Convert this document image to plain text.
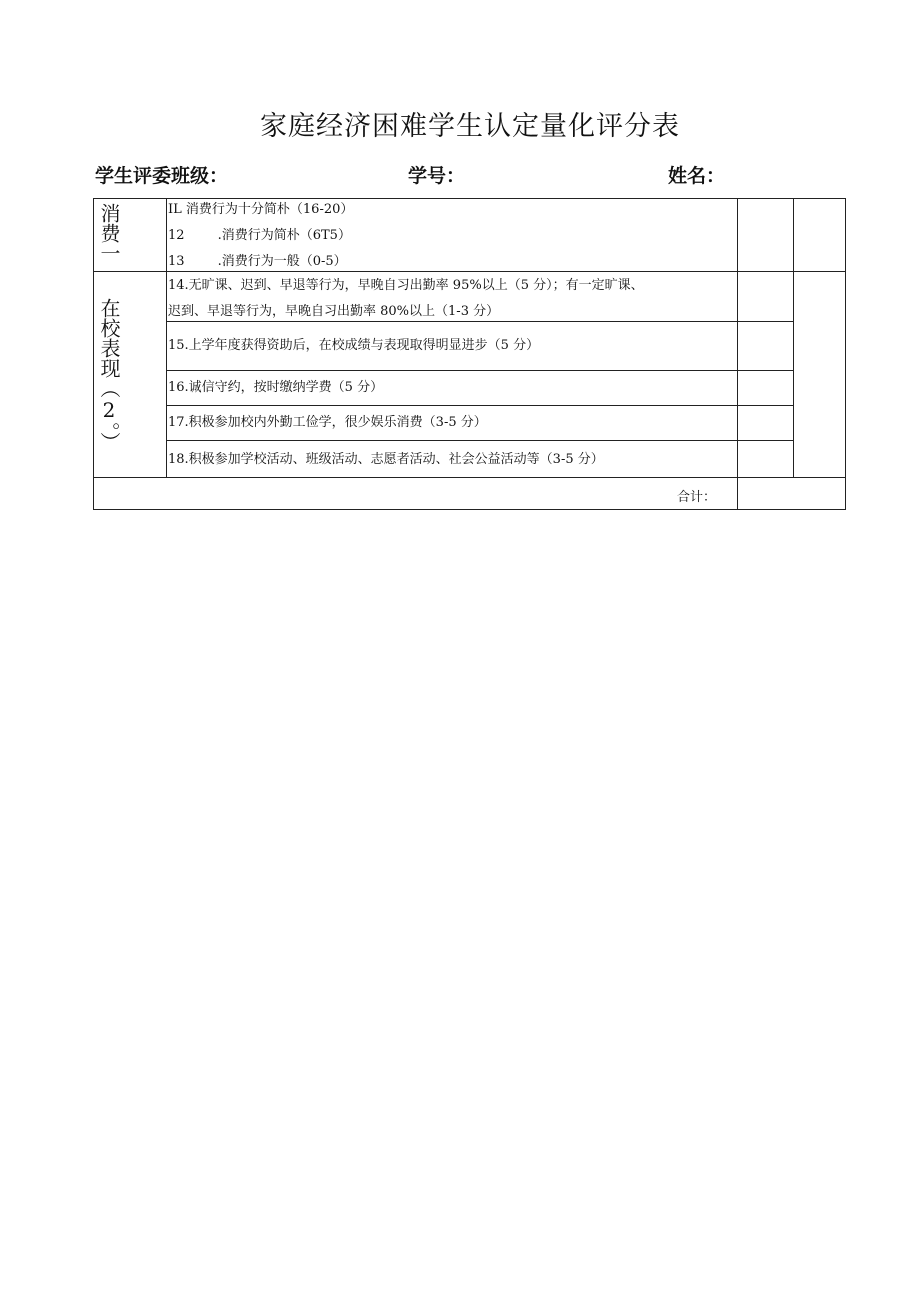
家庭经济困难学生认定量化评分表
学生评委班级：	学号：	姓名：
消费一
在校表现（2。）
IL 消费行为十分简朴（16-20）
12        .消费行为简朴（6T5）
13        .消费行为一般（0-5）
14.无旷课、迟到、早退等行为，早晚自习出勤率 95%以上（5 分）；有一定旷课、
迟到、早退等行为，早晚自习出勤率 80%以上（1-3 分）
15.上学年度获得资助后，在校成绩与表现取得明显进步（5 分）
16.诚信守约，按时缴纳学费（5 分）
17.积极参加校内外勤工俭学，很少娱乐消费（3-5 分）
18.积极参加学校活动、班级活动、志愿者活动、社会公益活动等（3-5 分）
合计：
